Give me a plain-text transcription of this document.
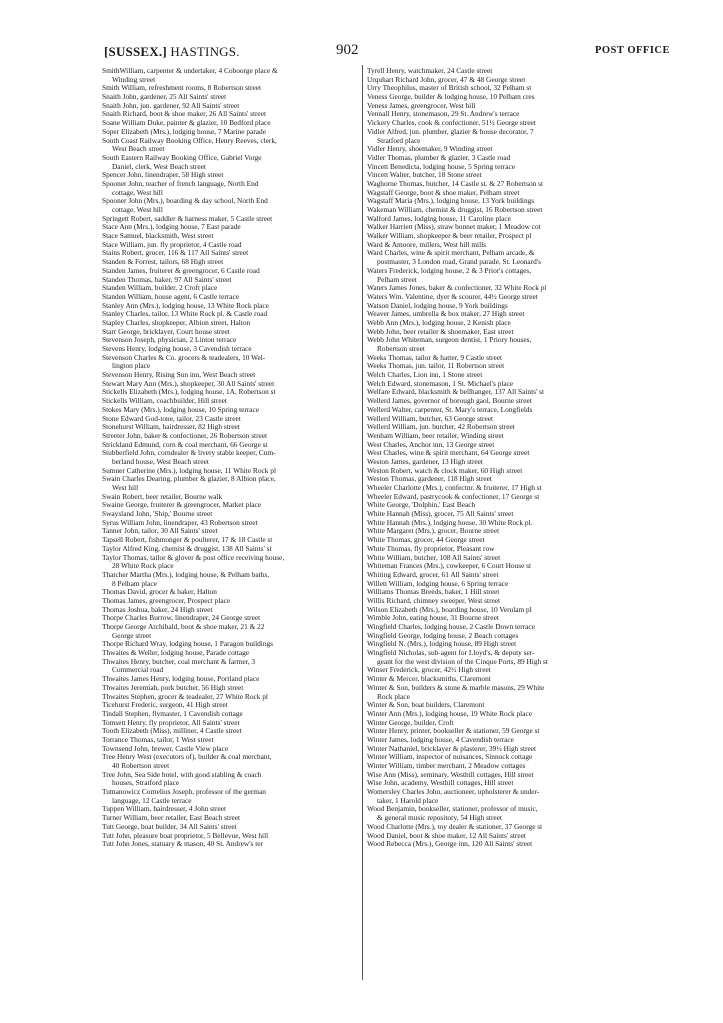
[SUSSEX.] HASTINGS.	902	POST OFFICE
SmithWilliam, carpenter & undertaker, 4 Coboorge place &
Winding street
Smith William, refreshment rooms, 8 Robertson street
Snaith John, gardener, 25 All Saints' street
Snaith John, jun. gardener, 92 All Saints' street
Snaith Richard, boot & shoe maker, 26 All Saints' street
Soane William Duke, painter & glazier, 10 Bedford place
Soper Elizabeth (Mrs.), lodging house, 7 Marine parade
South Coast Railway Booking Office, Henry Reeves, clerk,
West Beach street
South Eastern Railway Booking Office, Gabriel Vorge
Daniel, clerk, West Beach street
Spencer John, linendraper, 58 High street
Spooner John, teacher of french language, North End
cottage, West hill
Spooner John (Mrs.), boarding & day school, North End
cottage, West hill
Springett Robert, saddler & harness maker, 5 Castle street
Stace Ann (Mrs.), lodging house, 7 East parade
Stace Samuel, blacksmith, West street
Stace William, jun. fly proprietor, 4 Castle road
Stains Robert, grocer, 116 & 117 All Saints' street
Standen & Forrest, tailors, 68 High street
Standen James, fruiterer & greengrocer, 6 Castle road
Standen Thomas, baker, 97 All Saints' street
Standen William, builder, 2 Croft place
Standen William, house agent, 6 Castle terrace
Stanley Ann (Mrs.), lodging house, 13 White Rock place
Stanley Charles, tailor, 13 White Rock pl. & Castle road
Stapley Charles, shopkeeper, Albion street, Halton
Starr George, bricklayer, Court house street
Stevenson Joseph, physician, 2 Linton terrace
Stevens Henry, lodging house, 3 Cavendish terrace
Stevenson Charles & Co. grocers & teadealers, 10 Wel-
lington place
Stevenson Henry, Rising Sun inn, West Beach street
Stewart Mary Ann (Mrs.), shopkeeper, 30 All Saints' street
Stickells Elizabeth (Mrs.), lodging house, 1A, Robertson st
Stickells William, coachbuilder, Hill street
Stokes Mary (Mrs.), lodging house, 10 Spring terrace
Stone Edward God-tone, tailor, 23 Castle street
Stonehurst William, hairdresser, 82 High street
Streeter John, baker & confectioner, 26 Robertson street
Strickland Edmund, corn & coal merchant, 66 George st
Stubberfield John, corndealer & livery stable keeper, Cum-
berland house, West Beach street
Sumner Catherine (Mrs.), lodging house, 11 White Rock pl
Swain Charles Dearing, plumber & glazier, 8 Albion place,
West hill
Swain Robert, beer retailer, Bourne walk
Swaine George, fruiterer & greengrocer, Market place
Swaysland John, 'Ship,' Bourne street
Syrus William John, linendraper, 43 Robertson street
Tanner John, tailor, 30 All Saints' street
Tapsell Robert, fishmonger & poulterer, 17 & 18 Castle st
Taylor Alfred King, chemist & druggist, 138 All Saints' st
Taylor Thomas, tailor & glover & post office receiving house,
28 White Rock place
Thatcher Martha (Mrs.), lodging house, & Pelham baths,
8 Pelham place
Thomas David, grocer & baker, Halton
Thomas James, greengrocer, Prospect place
Thomas Joshua, baker, 24 High street
Thorpe Charles Burrow, linendraper, 24 George street
Thorpe George Archibald, boot & shoe maker, 21 & 22
George street
Thorpe Richard Wray, lodging house, 1 Paragon buildings
Thwaites & Weller, lodging house, Parade cottage
Thwaites Henry, butcher, coal merchant & farmer, 3
Commercial road
Thwaites James Henry, lodging house, Portland place
Thwaites Jeremiah, pork butcher, 56 High street
Thwaites Stephen, grocer & teadealer, 27 White Rock pl
Ticehurst Frederic, surgeon, 41 High street
Tindall Stephen, flymaster, 1 Cavendish cottage
Tomsett Henry, fly proprietor, All Saints' street
Tooth Elizabeth (Miss), milliner, 4 Castle street
Torrance Thomas, tailor, 1 West street
Townsend John, brewer, Castle View place
Tree Henry West (executors of), builder & coal merchant,
40 Robertson street
Tree John, Sea Side hotel, with good stabling & coach
houses, Stratford place
Tumanowicz Cornelius Joseph, professor of the german
language, 12 Castle terrace
Tuppen William, hairdresser, 4 John street
Turner William, beer retailer, East Beach street
Tutt George, boat builder, 34 All Saints' street
Tutt John, pleasure boat proprietor, 5 Bellevue, West hill
Tutt John Jones, statuary & mason, 40 St. Andrew's ter
Tyrell Henry, watchmaker, 24 Castle street
Urquhart Richard John, grocer, 47 & 48 George street
Urry Theophilus, master of British school, 32 Pelham st
Veness George, builder & lodging house, 10 Pelham cres
Veness James, greengrocer, West hill
Vennall Henry, stonemason, 29 St. Andrew's terrace
Vickery Charles, cook & confectioner, 51½ George street
Vidler Alfred, jun. plumber, glazier & house decorator, 7
Stratford place
Vidler Henry, shoemaker, 9 Winding street
Vidler Thomas, plumber & glazier, 3 Castle road
Vincett Benedicta, lodging house, 5 Spring terrace
Vincett Walter, butcher, 18 Stone street
Waghorne Thomas, butcher, 14 Castle st. & 27 Robertson st
Wagstaff George, boot & shoe maker, Pelham street
Wagstaff Maria (Mrs.), lodging house, 13 York buildings
Wakeman William, chemist & druggist, 16 Robertson street
Walford James, lodging house, 11 Caroline place
Walker Harriett (Miss), straw bonnet maker, 1 Meadow cot
Walker William, shopkeeper & beer retailer, Prospect pl
Ward & Amoore, millers, West hill mills
Ward Charles, wine & spirit merchant, Pelham arcade, &
postmaster, 3 London road, Grand parade, St. Leonard's
Waters Frederick, lodging house, 2 & 3 Prior's cottages,
Pelham street
Waters James Jones, baker & confectioner, 32 White Rock pl
Waters Wm. Valentine, dyer & scourer, 44½ George street
Watson Daniel, lodging house, 9 York buildings
Weaver James, umbrella & box maker, 27 High street
Webb Ann (Mrs.), lodging house, 2 Kenish place
Webb John, beer retailer & shoemaker, East street
Webb John Whiteman, surgeon dentist, 1 Priory houses,
Robertson street
Weeks Thomas, tailor & hatter, 9 Castle street
Weeks Thomas, jun. tailor, 11 Robertson street
Welch Charles, Lion inn, 1 Stone street
Welch Edward, stonemason, 1 St. Michael's place
Welfare Edward, blacksmith & bellhanger, 137 All Saints' st
Wellerd James, governor of borough gaol, Bourne street
Wellerd Walter, carpenter, St. Mary's terrace, Longfields
Wellerd William, butcher, 63 George street
Wellerd William, jun. butcher, 42 Robertson street
Wenham William, beer retailer, Winding street
West Charles, Anchor inn, 13 George street
West Charles, wine & spirit merchant, 64 George street
Weston James, gardener, 13 High street
Weston Robert, watch & clock maker, 60 High street
Weston Thomas, gardener, 118 High street
Wheeler Charlotte (Mrs.), confectnr. & fruiterer, 17 High st
Wheeler Edward, pastrycook & confectioner, 17 George st
White George, 'Dolphin,' East Beach
White Hannah (Miss), grocer, 75 All Saints' street
White Hannah (Mrs.), lodging house, 30 White Rock pl.
White Margaret (Mrs.), grocer, Bourne street
White Thomas, grocer, 44 George street
White Thomas, fly proprietor, Pleasant row
White William, butcher, 108 All Saints' street
Whiteman Frances (Mrs.), cowkeeper, 6 Court House st
Whiting Edward, grocer, 61 All Saints' street
Willett William, lodging house, 6 Spring terrace
Williams Thomas Breeds, baker, 1 Hill street
Willis Richard, chimney sweeper, West street
Wilson Elizabeth (Mrs.), boarding house, 10 Verulam pl
Wimble John, eating house, 31 Bourne street
Wingfield Charles, lodging house, 2 Castle Down terrace
Wingfield George, lodging house, 2 Beach cottages
Wingfield N. (Mrs.), lodging house, 89 High street
Wingfield Nicholas, sub-agent for Lloyd's, & deputy ser-
geant for the west division of the Cinque Ports, 89 High st
Winser Frederick, grocer, 42½ High street
Winter & Mercer, blacksmiths, Claremont
Winter & Son, builders & stone & marble masons, 29 White
Rock place
Winter & Son, boat builders, Claremont
Winter Ann (Mrs.), lodging house, 19 White Rock place
Winter George, builder, Croft
Winter Henry, printer, bookseller & stationer, 59 George st
Winter James, lodging house, 4 Cavendish terrace
Winter Nathaniel, bricklayer & plasterer, 39½ High street
Winter William, inspector of nuisances, Sinnock cottage
Winter William, timber merchant, 2 Meadow cottages
Wise Ann (Miss), seminary, Westhill cottages, Hill street
Wise John, academy, Westhill cottages, Hill street
Womersley Charles John, auctioneer, upholsterer & under-
taker, 1 Harold place
Wood Benjamin, bookseller, stationer, professor of music,
& general music repository, 54 High street
Wood Charlotte (Mrs.), toy dealer & stationer, 37 George st
Wood Daniel, boot & shoe maker, 12 All Saints' street
Wood Rebecca (Mrs.), George inn, 120 All Saints' street
